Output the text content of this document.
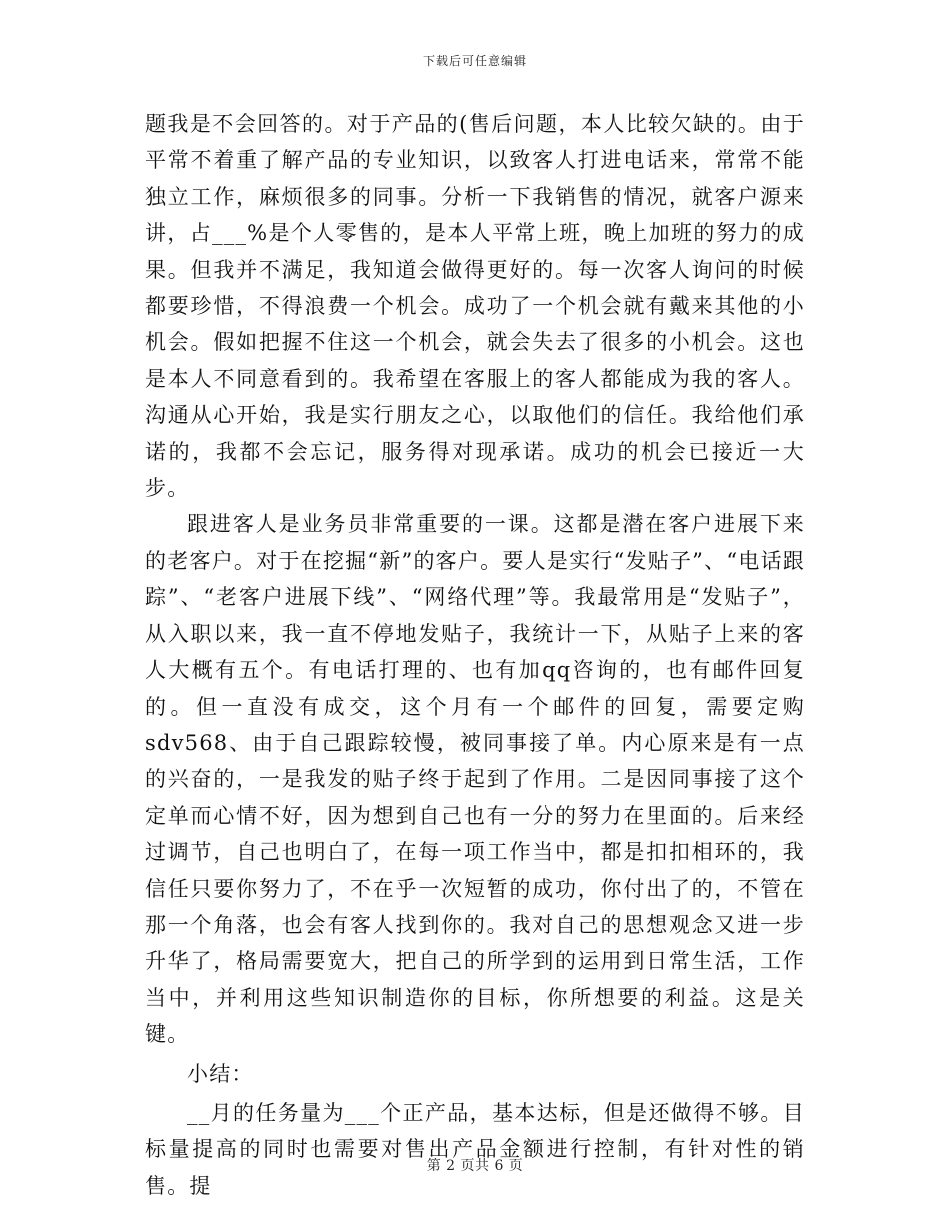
下载后可任意编辑

题我是不会回答的。对于产品的(售后问题，本人比较欠缺的。由于平常不着重了解产品的专业知识，以致客人打进电话来，常常不能独立工作，麻烦很多的同事。分析一下我销售的情况，就客户源来讲，占___%是个人零售的，是本人平常上班，晚上加班的努力的成果。但我并不满足，我知道会做得更好的。每一次客人询问的时候都要珍惜，不得浪费一个机会。成功了一个机会就有戴来其他的小机会。假如把握不住这一个机会，就会失去了很多的小机会。这也是本人不同意看到的。我希望在客服上的客人都能成为我的客人。沟通从心开始，我是实行朋友之心，以取他们的信任。我给他们承诺的，我都不会忘记，服务得对现承诺。成功的机会已接近一大步。

跟进客人是业务员非常重要的一课。这都是潜在客户进展下来的老客户。对于在挖掘“新”的客户。要人是实行“发贴子”、“电话跟踪”、“老客户进展下线”、“网络代理”等。我最常用是“发贴子”，从入职以来，我一直不停地发贴子，我统计一下，从贴子上来的客人大概有五个。有电话打理的、也有加qq咨询的，也有邮件回复的。但一直没有成交，这个月有一个邮件的回复，需要定购sdv568、由于自己跟踪较慢，被同事接了单。内心原来是有一点的兴奋的，一是我发的贴子终于起到了作用。二是因同事接了这个定单而心情不好，因为想到自己也有一分的努力在里面的。后来经过调节，自己也明白了，在每一项工作当中，都是扣扣相环的，我信任只要你努力了，不在乎一次短暂的成功，你付出了的，不管在那一个角落，也会有客人找到你的。我对自己的思想观念又进一步升华了，格局需要宽大，把自己的所学到的运用到日常生活，工作当中，并利用这些知识制造你的目标，你所想要的利益。这是关键。

小结：

__月的任务量为___个正产品，基本达标，但是还做得不够。目标量提高的同时也需要对售出产品金额进行控制，有针对性的销售。提

第 2 页共 6 页
